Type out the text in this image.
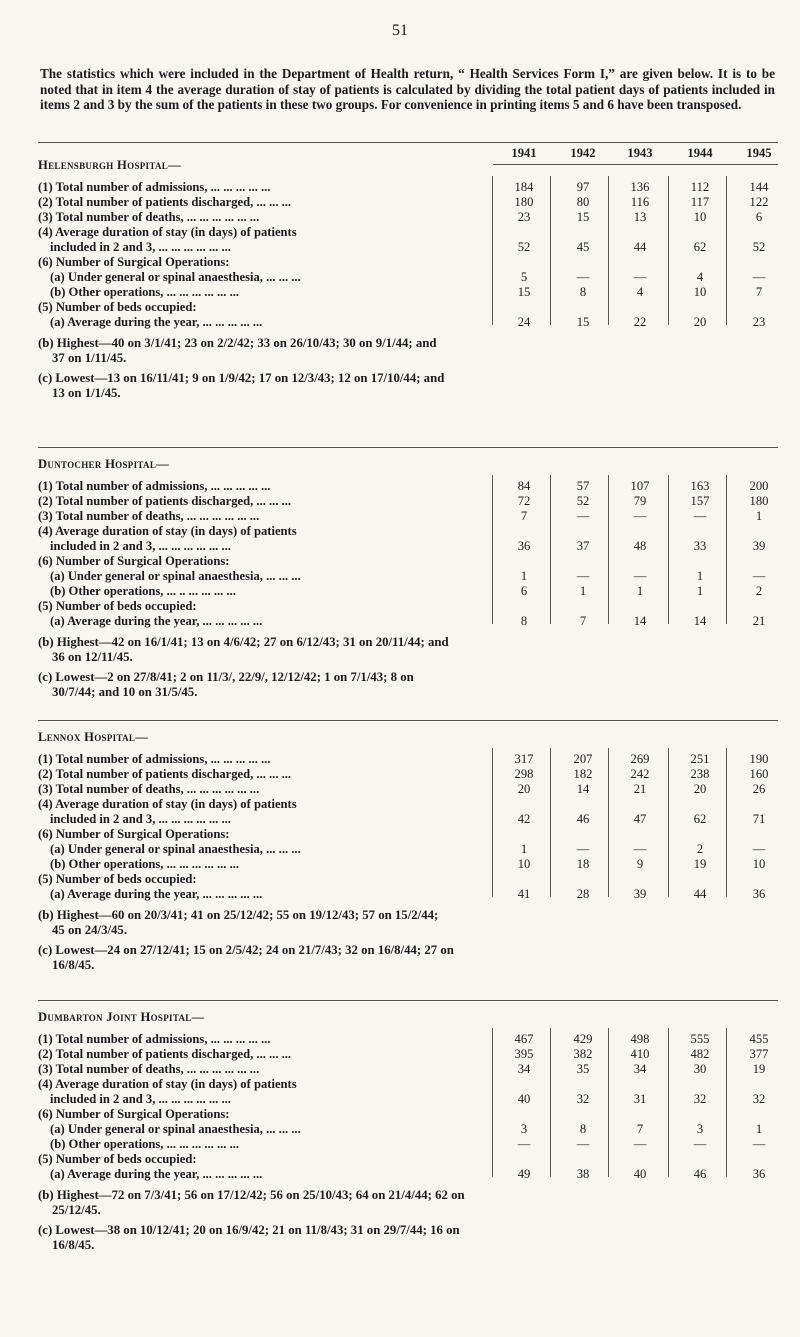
51
The statistics which were included in the Department of Health return, “ Health Services Form I,” are given below. It is to be noted that in item 4 the average duration of stay of patients is calculated by dividing the total patient days of patients included in items 2 and 3 by the sum of the patients in these two groups. For convenience in printing items 5 and 6 have been transposed.
1941	1942	1943	1944	1945
Helensburgh Hospital—
(1) Total number of admissions, ... ... ... ... ...	184	97	136	112	144
(2) Total number of patients discharged, ... ... ...	180	80	116	117	122
(3) Total number of deaths, ... ... ... ... ... ...	23	15	13	10	6
(4) Average duration of stay (in days) of patients
included in 2 and 3, ... ... ... ... ... ...	52	45	44	62	52
(6) Number of Surgical Operations:
(a) Under general or spinal anaesthesia, ... ... ...	5	—	—	4	—
(b) Other operations, ... ... ... ... ... ...	15	8	4	10	7
(5) Number of beds occupied:
(a) Average during the year, ... ... ... ... ...	24	15	22	20	23
(b) Highest—40 on 3/1/41; 23 on 2/2/42; 33 on 26/10/43; 30 on 9/1/44; and
37 on 1/11/45.
(c) Lowest—13 on 16/11/41; 9 on 1/9/42; 17 on 12/3/43; 12 on 17/10/44; and
13 on 1/1/45.
Duntocher Hospital—
(1) Total number of admissions, ... ... ... ... ...	84	57	107	163	200
(2) Total number of patients discharged, ... ... ...	72	52	79	157	180
(3) Total number of deaths, ... ... ... ... ... ...	7	—	—	—	1
(4) Average duration of stay (in days) of patients
included in 2 and 3, ... ... ... ... ... ...	36	37	48	33	39
(6) Number of Surgical Operations:
(a) Under general or spinal anaesthesia, ... ... ...	1	—	—	1	—
(b) Other operations, ... .. ... ... ... ...	6	1	1	1	2
(5) Number of beds occupied:
(a) Average during the year, ... ... ... ... ...	8	7	14	14	21
(b) Highest—42 on 16/1/41; 13 on 4/6/42; 27 on 6/12/43; 31 on 20/11/44; and
36 on 12/11/45.
(c) Lowest—2 on 27/8/41; 2 on 11/3/, 22/9/, 12/12/42; 1 on 7/1/43; 8 on
30/7/44; and 10 on 31/5/45.
Lennox Hospital—
(1) Total number of admissions, ... ... ... ... ...	317	207	269	251	190
(2) Total number of patients discharged, ... ... ...	298	182	242	238	160
(3) Total number of deaths, ... ... ... ... ... ...	20	14	21	20	26
(4) Average duration of stay (in days) of patients
included in 2 and 3, ... ... ... ... ... ...	42	46	47	62	71
(6) Number of Surgical Operations:
(a) Under general or spinal anaesthesia, ... ... ...	1	—	—	2	—
(b) Other operations, ... ... ... ... ... ...	10	18	9	19	10
(5) Number of beds occupied:
(a) Average during the year, ... ... ... ... ...	41	28	39	44	36
(b) Highest—60 on 20/3/41; 41 on 25/12/42; 55 on 19/12/43; 57 on 15/2/44;
45 on 24/3/45.
(c) Lowest—24 on 27/12/41; 15 on 2/5/42; 24 on 21/7/43; 32 on 16/8/44; 27 on
16/8/45.
Dumbarton Joint Hospital—
(1) Total number of admissions, ... ... ... ... ...	467	429	498	555	455
(2) Total number of patients discharged, ... ... ...	395	382	410	482	377
(3) Total number of deaths, ... ... ... ... ... ...	34	35	34	30	19
(4) Average duration of stay (in days) of patients
included in 2 and 3, ... ... ... ... ... ...	40	32	31	32	32
(6) Number of Surgical Operations:
(a) Under general or spinal anaesthesia, ... ... ...	3	8	7	3	1
(b) Other operations, ... ... ... ... ... ...	—	—	—	—	—
(5) Number of beds occupied:
(a) Average during the year, ... ... ... ... ...	49	38	40	46	36
(b) Highest—72 on 7/3/41; 56 on 17/12/42; 56 on 25/10/43; 64 on 21/4/44; 62 on
25/12/45.
(c) Lowest—38 on 10/12/41; 20 on 16/9/42; 21 on 11/8/43; 31 on 29/7/44; 16 on
16/8/45.
